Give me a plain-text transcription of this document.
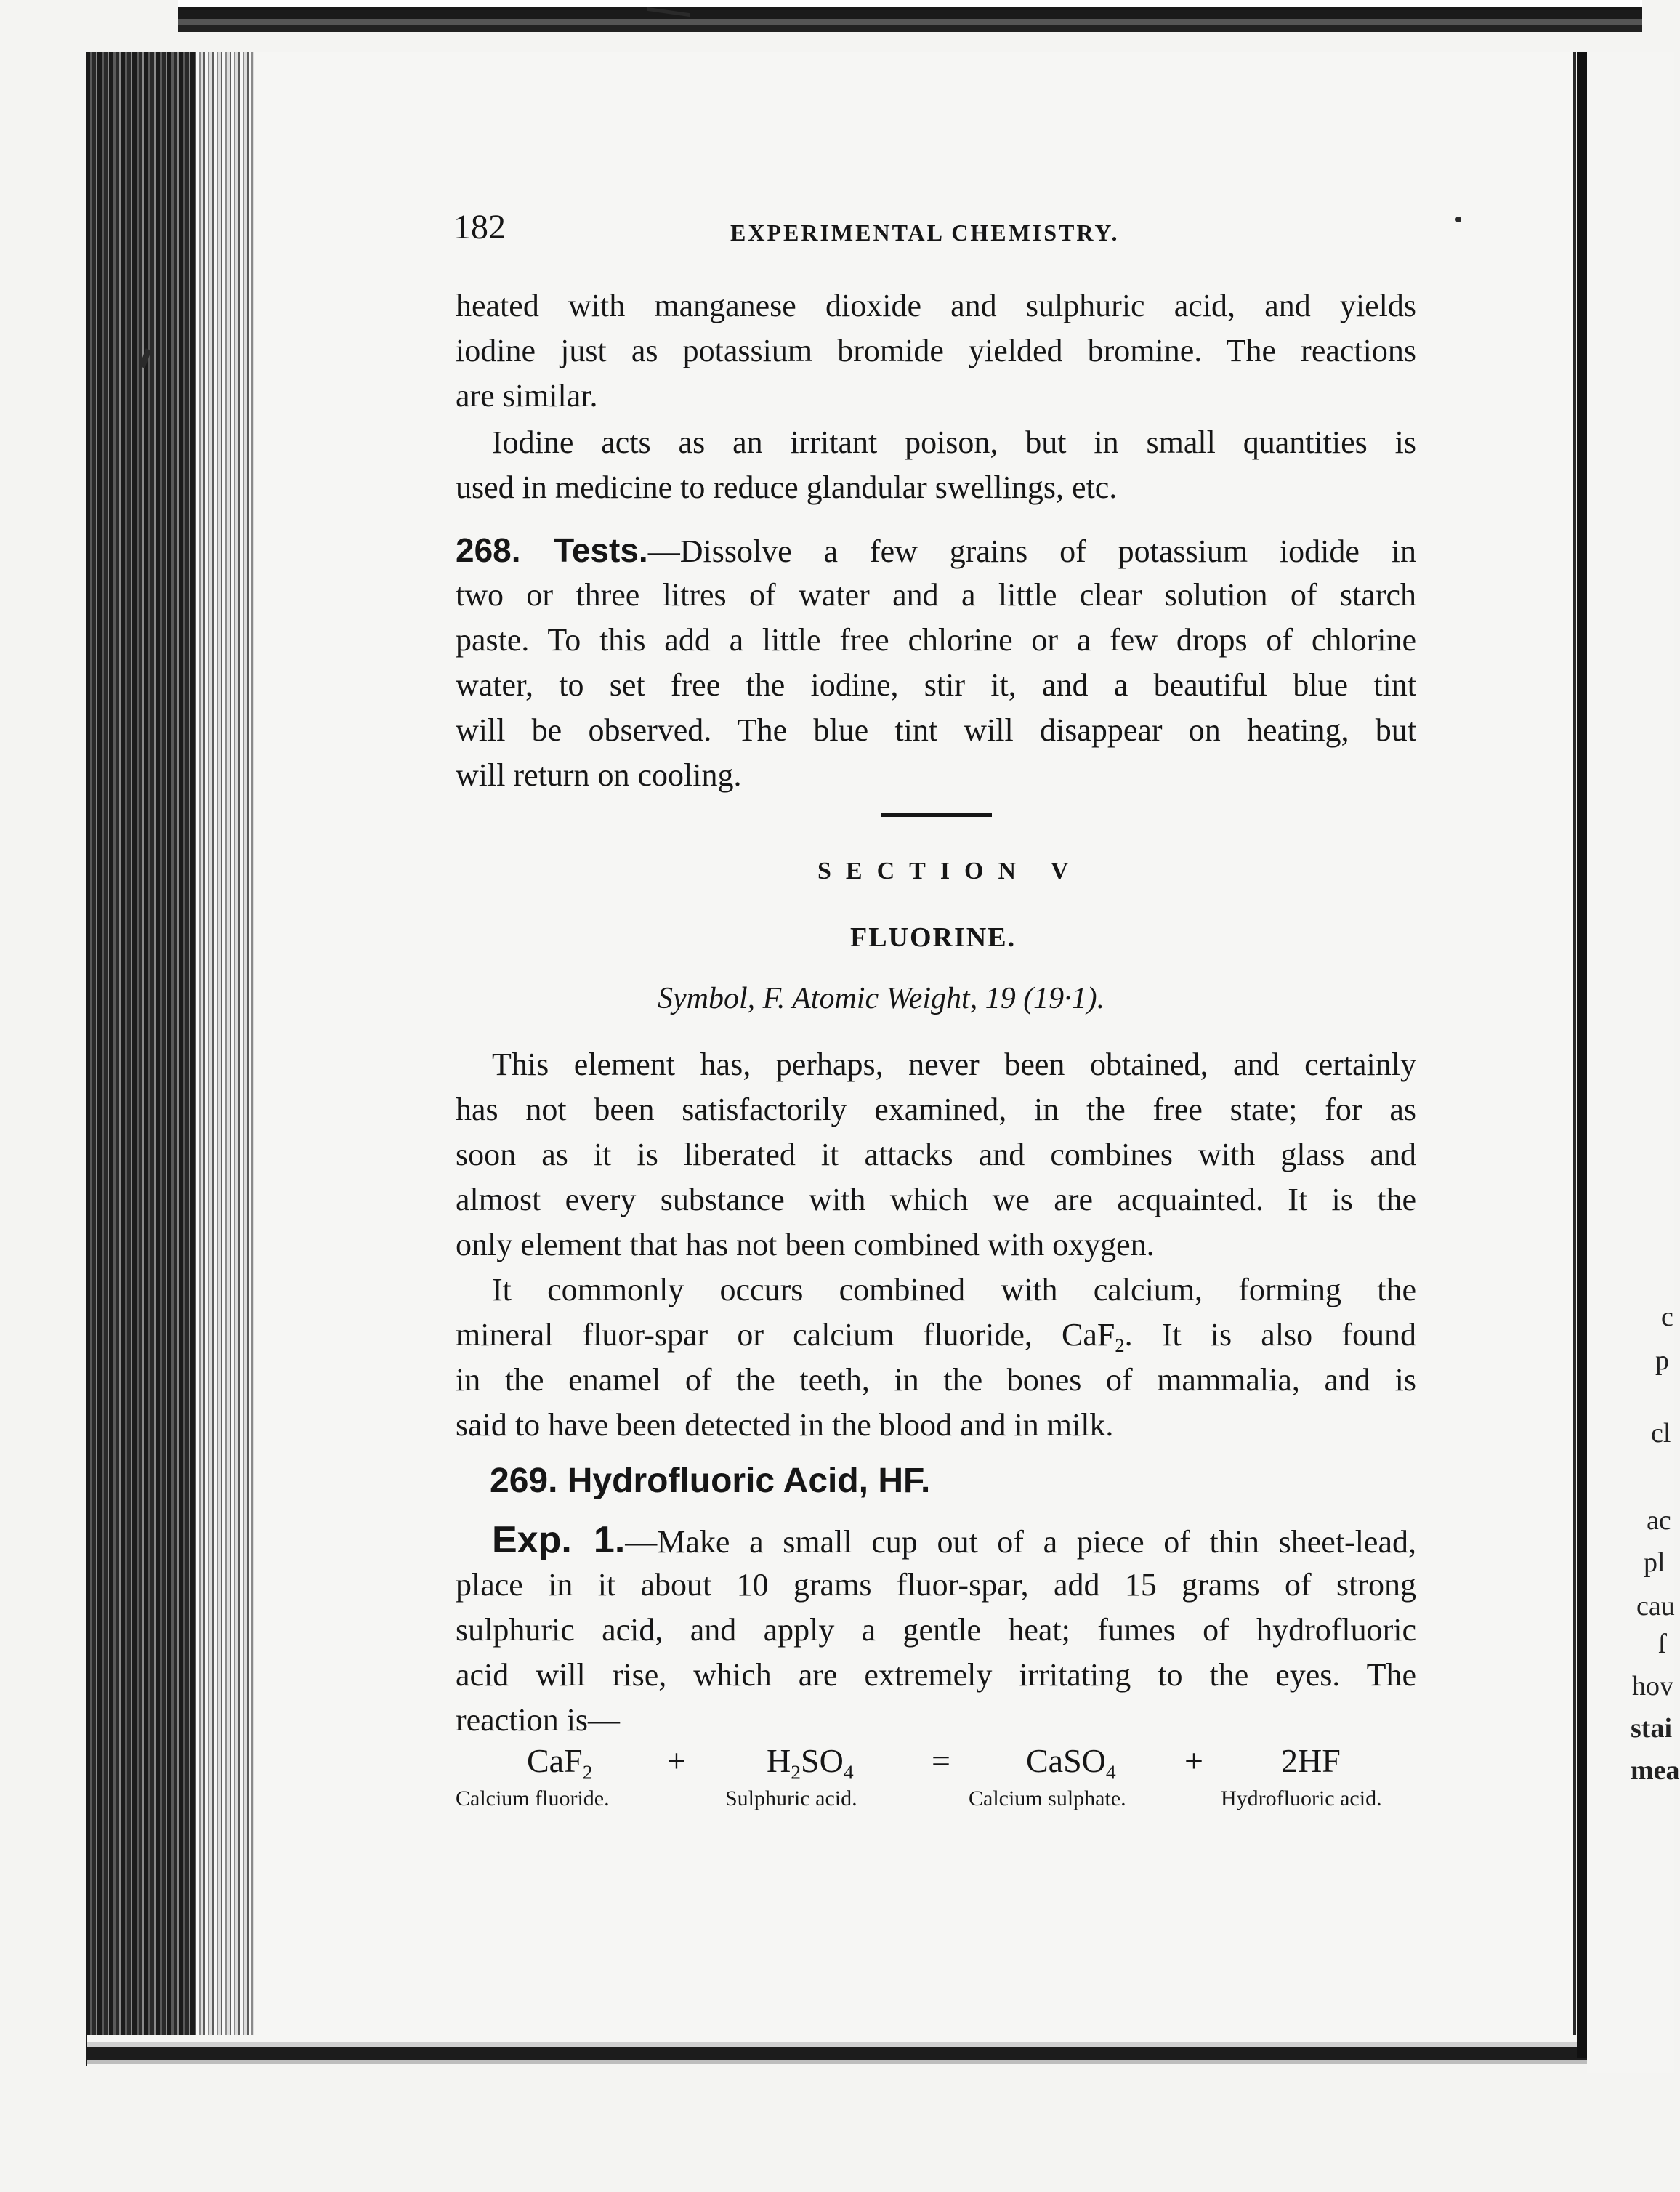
c
p
cl
ac
pl
cau
ſ
hov
stai
mea
182	EXPERIMENTAL CHEMISTRY.
heated with manganese dioxide and sulphuric acid, and yields
iodine just as potassium bromide yielded bromine. The reactions
are similar.
Iodine acts as an irritant poison, but in small quantities is
used in medicine to reduce glandular swellings, etc.
268. Tests.—Dissolve a few grains of potassium iodide in
two or three litres of water and a little clear solution of starch
paste. To this add a little free chlorine or a few drops of chlorine
water, to set free the iodine, stir it, and a beautiful blue tint
will be observed. The blue tint will disappear on heating, but
will return on cooling.
SECTION V
FLUORINE.
Symbol, F. Atomic Weight, 19 (19·1).
This element has, perhaps, never been obtained, and certainly
has not been satisfactorily examined, in the free state; for as
soon as it is liberated it attacks and combines with glass and
almost every substance with which we are acquainted. It is the
only element that has not been combined with oxygen.
It commonly occurs combined with calcium, forming the
mineral fluor-spar or calcium fluoride, CaF$_2$. It is also found
in the enamel of the teeth, in the bones of mammalia, and is
said to have been detected in the blood and in milk.
269. Hydrofluoric Acid, HF.
Exp. 1.—Make a small cup out of a piece of thin sheet-lead,
place in it about 10 grams fluor-spar, add 15 grams of strong
sulphuric acid, and apply a gentle heat; fumes of hydrofluoric
acid will rise, which are extremely irritating to the eyes. The
reaction is—
$CaF_2 + H_2SO_4$ = CaSO$_4$ + 2HF
Calcium fluoride.	Sulphuric acid.	Calcium sulphate.	Hydrofluoric acid.
